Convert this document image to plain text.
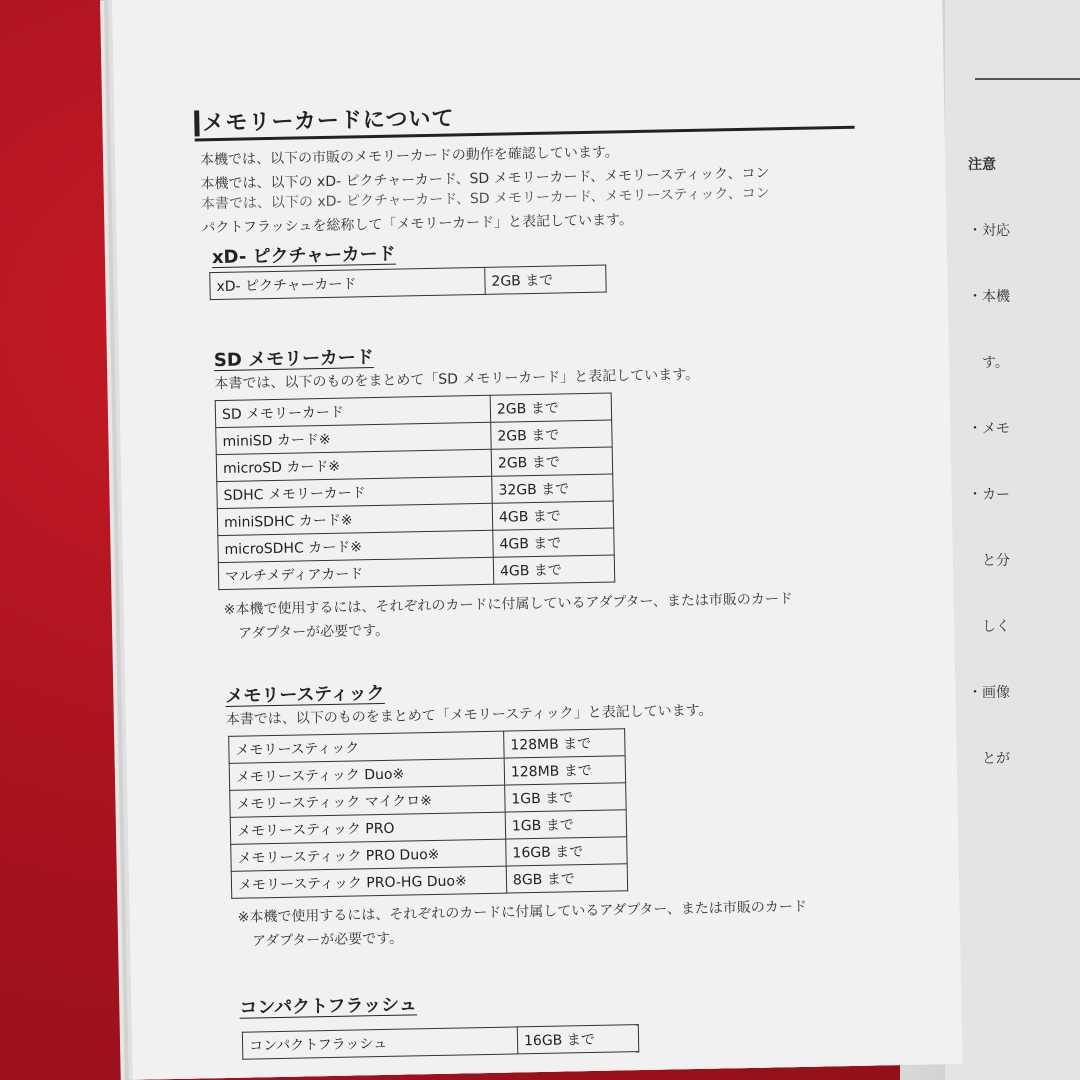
注意

・対応

・本機

　す。

・メモ

・カー

　と分

　しく

・画像

　とが

メモリーカードについて
本機では、以下の市販のメモリーカードの動作を確認しています。
本機では、以下の xD- ピクチャーカード、SD メモリーカード、メモリースティック、コン
本書では、以下の xD- ピクチャーカード、SD メモリーカード、メモリースティック、コン
パクトフラッシュを総称して「メモリーカード」と表記しています。
xD- ピクチャーカード
xD- ピクチャーカード	2GB まで
SD メモリーカード
本書では、以下のものをまとめて「SD メモリーカード」と表記しています。
SD メモリーカード	2GB まで
miniSD カード※	2GB まで
microSD カード※	2GB まで
SDHC メモリーカード	32GB まで
miniSDHC カード※	4GB まで
microSDHC カード※	4GB まで
マルチメディアカード	4GB まで
※本機で使用するには、それぞれのカードに付属しているアダプター、または市販のカード
　アダプターが必要です。
メモリースティック
本書では、以下のものをまとめて「メモリースティック」と表記しています。
メモリースティック	128MB まで
メモリースティック Duo※	128MB まで
メモリースティック マイクロ※	1GB まで
メモリースティック PRO	1GB まで
メモリースティック PRO Duo※	16GB まで
メモリースティック PRO-HG Duo※	8GB まで
※本機で使用するには、それぞれのカードに付属しているアダプター、または市販のカード
　アダプターが必要です。
コンパクトフラッシュ
コンパクトフラッシュ	16GB まで
